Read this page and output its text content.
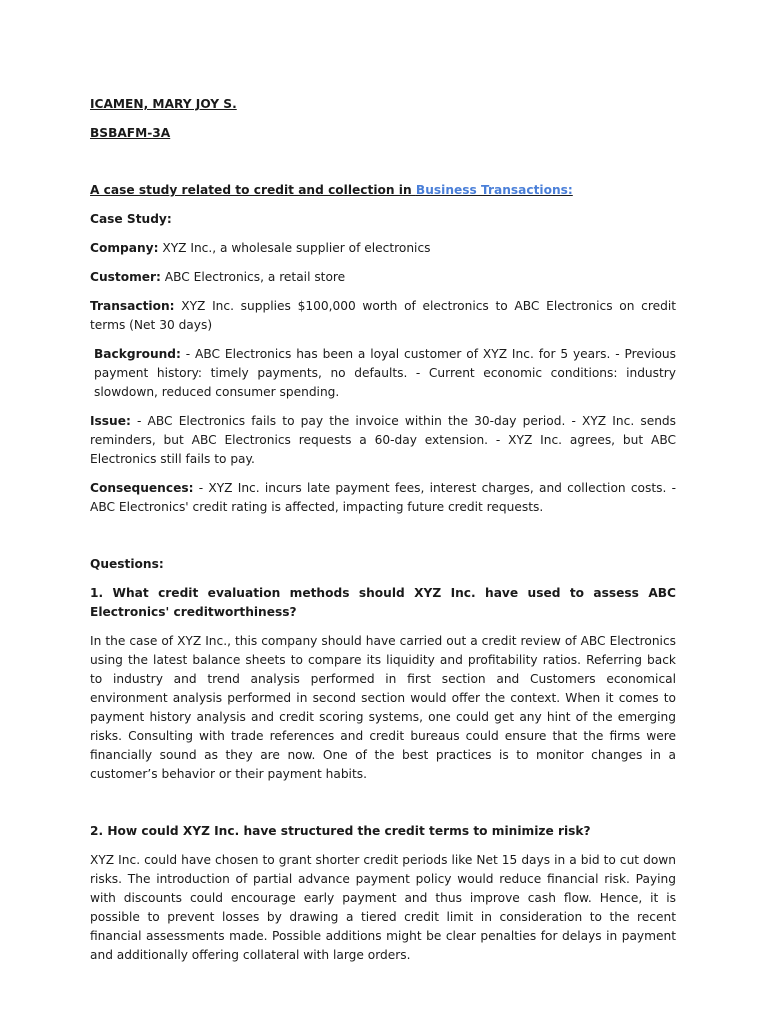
ICAMEN, MARY JOY S.

BSBAFM-3A

A case study related to credit and collection in Business Transactions:

Case Study:

Company: XYZ Inc., a wholesale supplier of electronics

Customer: ABC Electronics, a retail store

Transaction: XYZ Inc. supplies $100,000 worth of electronics to ABC Electronics on credit terms (Net 30 days)

Background: - ABC Electronics has been a loyal customer of XYZ Inc. for 5 years. - Previous payment history: timely payments, no defaults. - Current economic conditions: industry slowdown, reduced consumer spending.

Issue: - ABC Electronics fails to pay the invoice within the 30-day period. - XYZ Inc. sends reminders, but ABC Electronics requests a 60-day extension. - XYZ Inc. agrees, but ABC Electronics still fails to pay.

Consequences: - XYZ Inc. incurs late payment fees, interest charges, and collection costs. - ABC Electronics' credit rating is affected, impacting future credit requests.

Questions:

1. What credit evaluation methods should XYZ Inc. have used to assess ABC Electronics' creditworthiness?

In the case of XYZ Inc., this company should have carried out a credit review of ABC Electronics using the latest balance sheets to compare its liquidity and profitability ratios. Referring back to industry and trend analysis performed in first section and Customers economical environment analysis performed in second section would offer the context. When it comes to payment history analysis and credit scoring systems, one could get any hint of the emerging risks. Consulting with trade references and credit bureaus could ensure that the firms were financially sound as they are now. One of the best practices is to monitor changes in a customer’s behavior or their payment habits.

2. How could XYZ Inc. have structured the credit terms to minimize risk?

XYZ Inc. could have chosen to grant shorter credit periods like Net 15 days in a bid to cut down risks. The introduction of partial advance payment policy would reduce financial risk. Paying with discounts could encourage early payment and thus improve cash flow. Hence, it is possible to prevent losses by drawing a tiered credit limit in consideration to the recent financial assessments made. Possible additions might be clear penalties for delays in payment and additionally offering collateral with large orders.
